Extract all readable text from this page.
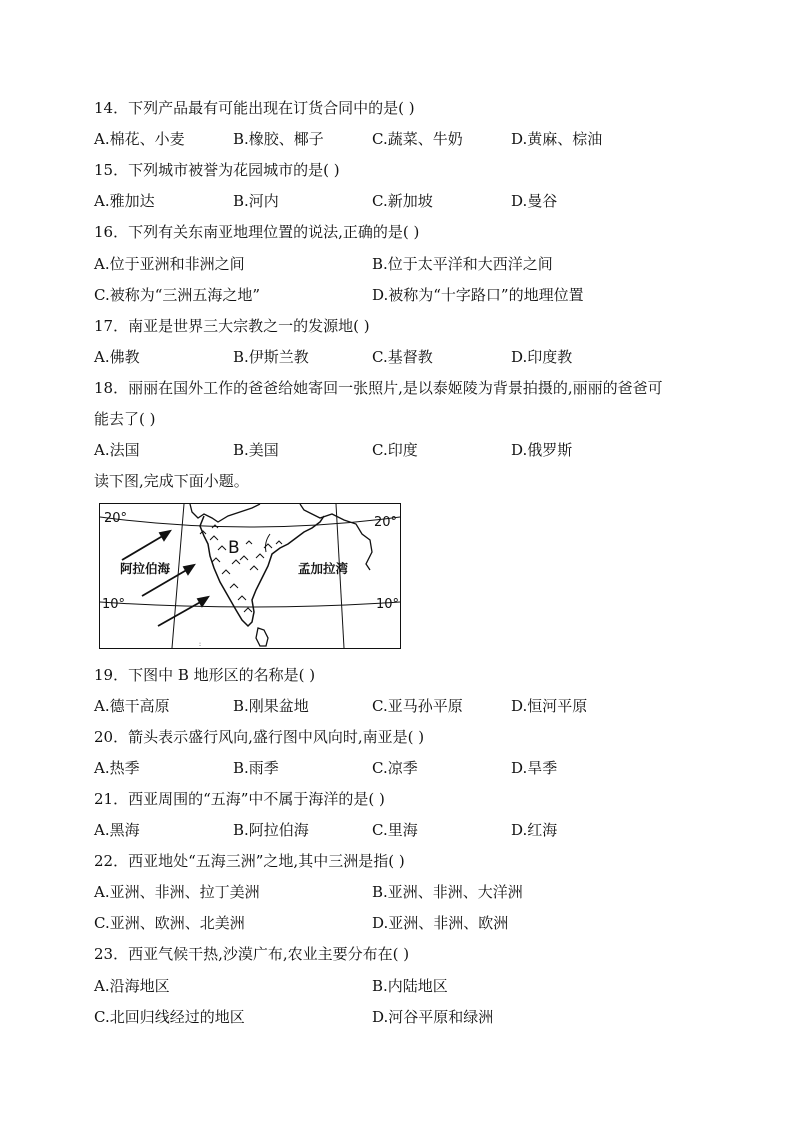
14．下列产品最有可能出现在订货合同中的是( )
A.棉花、小麦	B.橡胶、椰子	C.蔬菜、牛奶	D.黄麻、棕油
15．下列城市被誉为花园城市的是( )
A.雅加达	B.河内	C.新加坡	D.曼谷
16．下列有关东南亚地理位置的说法,正确的是( )
A.位于亚洲和非洲之间	B.位于太平洋和大西洋之间
C.被称为“三洲五海之地”	D.被称为“十字路口”的地理位置
17．南亚是世界三大宗教之一的发源地( )
A.佛教	B.伊斯兰教	C.基督教	D.印度教
18．丽丽在国外工作的爸爸给她寄回一张照片,是以泰姬陵为背景拍摄的,丽丽的爸爸可
能去了( )
A.法国	B.美国	C.印度	D.俄罗斯
读下图,完成下面小题。
:
20°	20°
10°	10°
B
阿拉伯海	孟加拉湾
19．下图中 B 地形区的名称是( )
A.德干高原	B.刚果盆地	C.亚马孙平原	D.恒河平原
20．箭头表示盛行风向,盛行图中风向时,南亚是( )
A.热季	B.雨季	C.凉季	D.旱季
21．西亚周围的“五海”中不属于海洋的是( )
A.黑海	B.阿拉伯海	C.里海	D.红海
22．西亚地处“五海三洲”之地,其中三洲是指( )
A.亚洲、非洲、拉丁美洲	B.亚洲、非洲、大洋洲
C.亚洲、欧洲、北美洲	D.亚洲、非洲、欧洲
23．西亚气候干热,沙漠广布,农业主要分布在( )
A.沿海地区	B.内陆地区
C.北回归线经过的地区	D.河谷平原和绿洲
